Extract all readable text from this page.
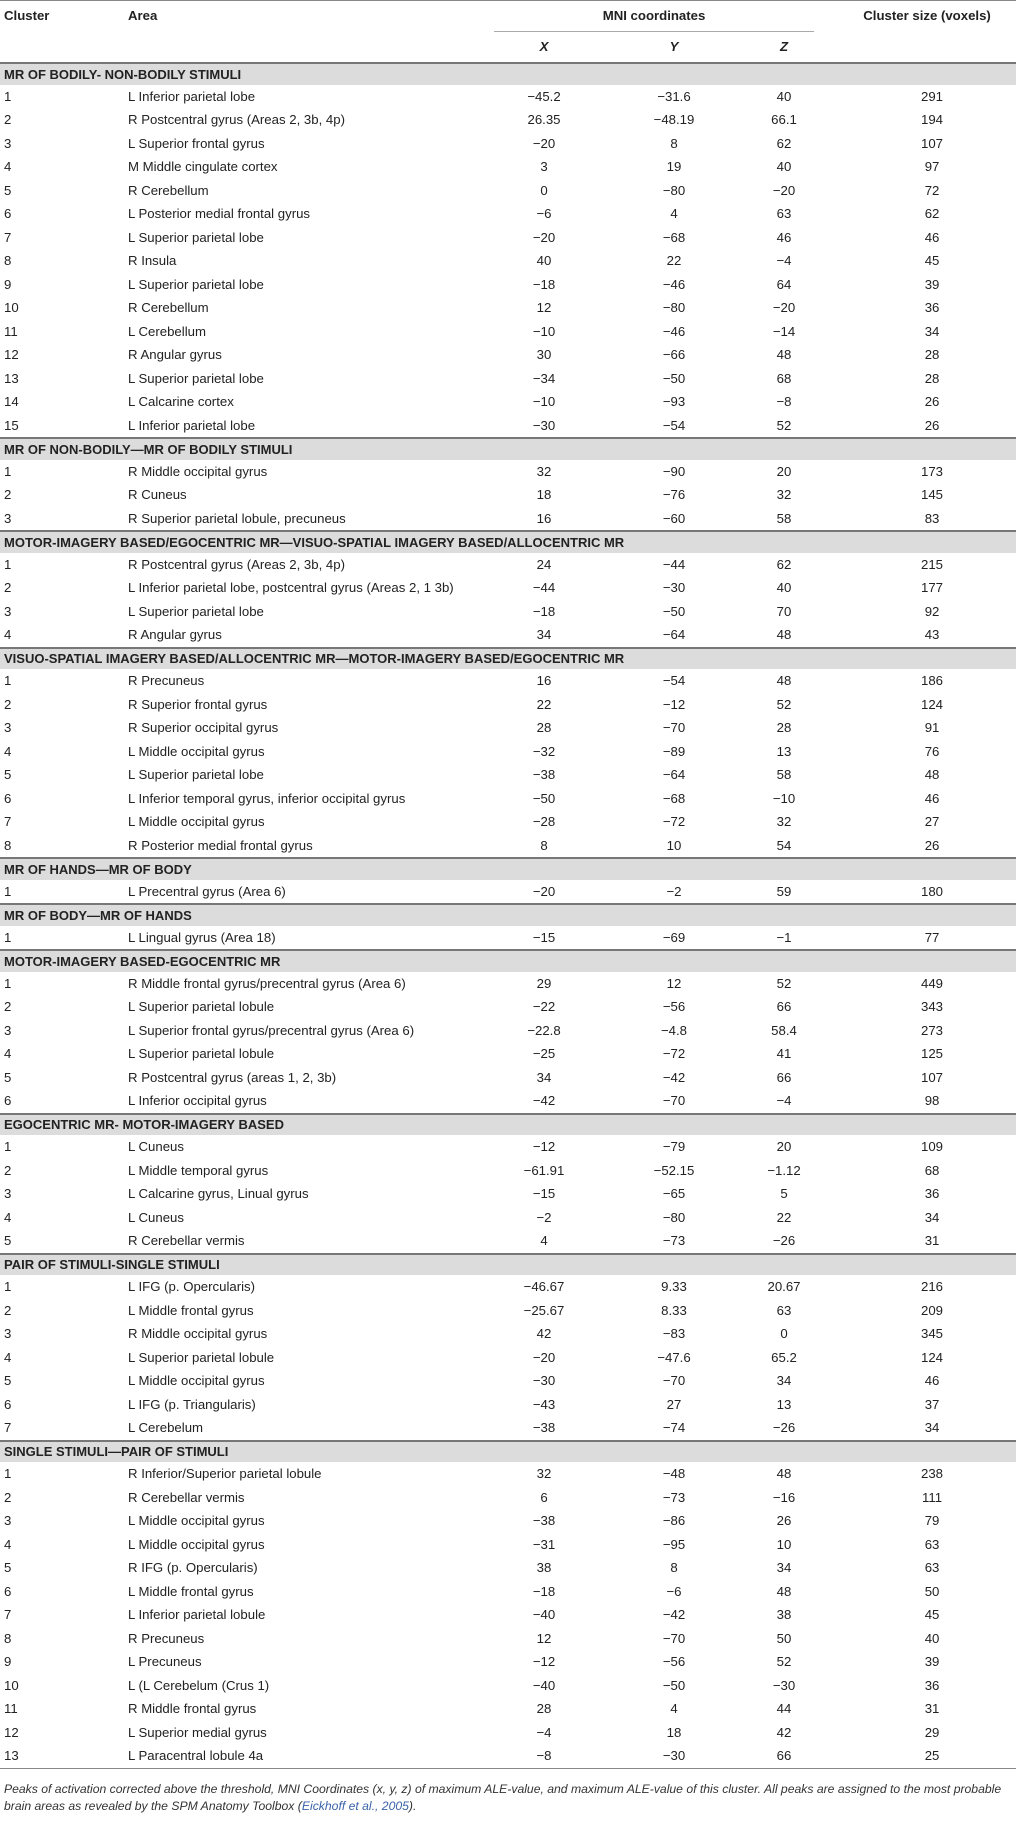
Cluster	Area	MNI coordinates			Cluster size (voxels)
		X	Y	Z	
MR OF BODILY- NON-BODILY STIMULI					
1	L Inferior parietal lobe	−45.2	−31.6	40	291
2	R Postcentral gyrus (Areas 2, 3b, 4p)	26.35	−48.19	66.1	194
3	L Superior frontal gyrus	−20	8	62	107
4	M Middle cingulate cortex	3	19	40	97
5	R Cerebellum	0	−80	−20	72
6	L Posterior medial frontal gyrus	−6	4	63	62
7	L Superior parietal lobe	−20	−68	46	46
8	R Insula	40	22	−4	45
9	L Superior parietal lobe	−18	−46	64	39
10	R Cerebellum	12	−80	−20	36
11	L Cerebellum	−10	−46	−14	34
12	R Angular gyrus	30	−66	48	28
13	L Superior parietal lobe	−34	−50	68	28
14	L Calcarine cortex	−10	−93	−8	26
15	L Inferior parietal lobe	−30	−54	52	26
MR OF NON-BODILY—MR OF BODILY STIMULI					
1	R Middle occipital gyrus	32	−90	20	173
2	R Cuneus	18	−76	32	145
3	R Superior parietal lobule, precuneus	16	−60	58	83
MOTOR-IMAGERY BASED/EGOCENTRIC MR—VISUO-SPATIAL IMAGERY BASED/ALLOCENTRIC MR					
1	R Postcentral gyrus (Areas 2, 3b, 4p)	24	−44	62	215
2	L Inferior parietal lobe, postcentral gyrus (Areas 2, 1 3b)	−44	−30	40	177
3	L Superior parietal lobe	−18	−50	70	92
4	R Angular gyrus	34	−64	48	43
VISUO-SPATIAL IMAGERY BASED/ALLOCENTRIC MR—MOTOR-IMAGERY BASED/EGOCENTRIC MR					
1	R Precuneus	16	−54	48	186
2	R Superior frontal gyrus	22	−12	52	124
3	R Superior occipital gyrus	28	−70	28	91
4	L Middle occipital gyrus	−32	−89	13	76
5	L Superior parietal lobe	−38	−64	58	48
6	L Inferior temporal gyrus, inferior occipital gyrus	−50	−68	−10	46
7	L Middle occipital gyrus	−28	−72	32	27
8	R Posterior medial frontal gyrus	8	10	54	26
MR OF HANDS—MR OF BODY					
1	L Precentral gyrus (Area 6)	−20	−2	59	180
MR OF BODY—MR OF HANDS					
1	L Lingual gyrus (Area 18)	−15	−69	−1	77
MOTOR-IMAGERY BASED-EGOCENTRIC MR					
1	R Middle frontal gyrus/precentral gyrus (Area 6)	29	12	52	449
2	L Superior parietal lobule	−22	−56	66	343
3	L Superior frontal gyrus/precentral gyrus (Area 6)	−22.8	−4.8	58.4	273
4	L Superior parietal lobule	−25	−72	41	125
5	R Postcentral gyrus (areas 1, 2, 3b)	34	−42	66	107
6	L Inferior occipital gyrus	−42	−70	−4	98
EGOCENTRIC MR- MOTOR-IMAGERY BASED					
1	L Cuneus	−12	−79	20	109
2	L Middle temporal gyrus	−61.91	−52.15	−1.12	68
3	L Calcarine gyrus, Linual gyrus	−15	−65	5	36
4	L Cuneus	−2	−80	22	34
5	R Cerebellar vermis	4	−73	−26	31
PAIR OF STIMULI-SINGLE STIMULI					
1	L IFG (p. Opercularis)	−46.67	9.33	20.67	216
2	L Middle frontal gyrus	−25.67	8.33	63	209
3	R Middle occipital gyrus	42	−83	0	345
4	L Superior parietal lobule	−20	−47.6	65.2	124
5	L Middle occipital gyrus	−30	−70	34	46
6	L IFG (p. Triangularis)	−43	27	13	37
7	L Cerebelum	−38	−74	−26	34
SINGLE STIMULI—PAIR OF STIMULI					
1	R Inferior/Superior parietal lobule	32	−48	48	238
2	R Cerebellar vermis	6	−73	−16	111
3	L Middle occipital gyrus	−38	−86	26	79
4	L Middle occipital gyrus	−31	−95	10	63
5	R IFG (p. Opercularis)	38	8	34	63
6	L Middle frontal gyrus	−18	−6	48	50
7	L Inferior parietal lobule	−40	−42	38	45
8	R Precuneus	12	−70	50	40
9	L Precuneus	−12	−56	52	39
10	L (L Cerebelum (Crus 1)	−40	−50	−30	36
11	R Middle frontal gyrus	28	4	44	31
12	L Superior medial gyrus	−4	18	42	29
13	L Paracentral lobule 4a	−8	−30	66	25
Peaks of activation corrected above the threshold, MNI Coordinates (x, y, z) of maximum ALE-value, and maximum ALE-value of this cluster. All peaks are assigned to the most probable brain areas as revealed by the SPM Anatomy Toolbox (Eickhoff et al., 2005).
